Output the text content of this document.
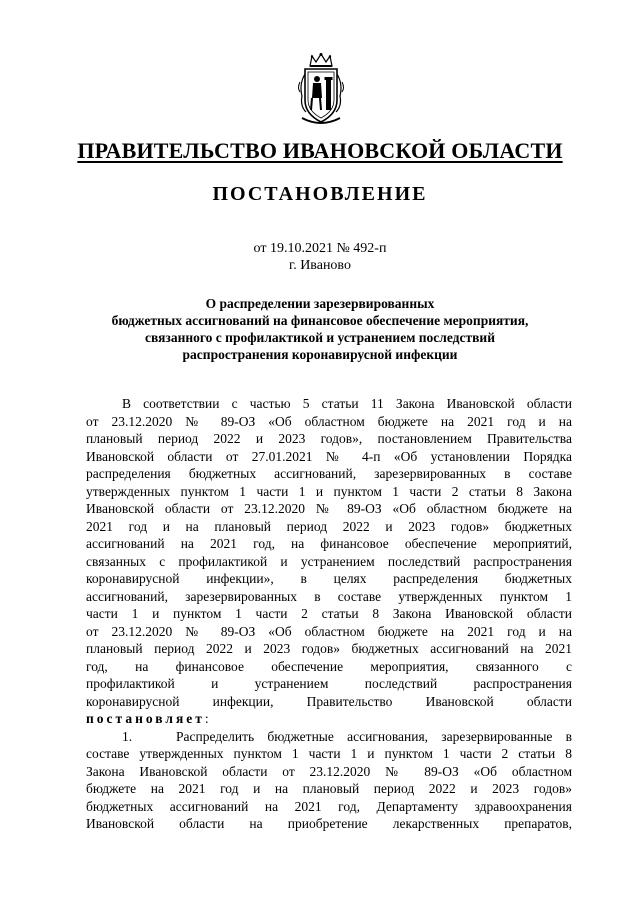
ПРАВИТЕЛЬСТВО ИВАНОВСКОЙ ОБЛАСТИ
ПОСТАНОВЛЕНИЕ
от 19.10.2021 № 492-п
г. Иваново
О распределении зарезервированных
бюджетных ассигнований на финансовое обеспечение мероприятия,
связанного с профилактикой и устранением последствий
распространения коронавирусной инфекции
В соответствии с частью 5 статьи 11 Закона Ивановской области
от 23.12.2020 № 89-ОЗ «Об областном бюджете на 2021 год и на
плановый период 2022 и 2023 годов», постановлением Правительства
Ивановской области от 27.01.2021 № 4-п «Об установлении Порядка
распределения бюджетных ассигнований, зарезервированных в составе
утвержденных пунктом 1 части 1 и пунктом 1 части 2 статьи 8 Закона
Ивановской области от 23.12.2020 № 89-ОЗ «Об областном бюджете на
2021 год и на плановый период 2022 и 2023 годов» бюджетных
ассигнований на 2021 год, на финансовое обеспечение мероприятий,
связанных с профилактикой и устранением последствий распространения
коронавирусной инфекции», в целях распределения бюджетных
ассигнований, зарезервированных в составе утвержденных пунктом 1
части 1 и пунктом 1 части 2 статьи 8 Закона Ивановской области
от 23.12.2020 № 89-ОЗ «Об областном бюджете на 2021 год и на
плановый период 2022 и 2023 годов» бюджетных ассигнований на 2021
год, на финансовое обеспечение мероприятия, связанного с
профилактикой и устранением последствий распространения
коронавирусной инфекции, Правительство Ивановской области
постановляет:
1.	Распределить бюджетные ассигнования, зарезервированные в
составе утвержденных пунктом 1 части 1 и пунктом 1 части 2 статьи 8
Закона Ивановской области от 23.12.2020 № 89-ОЗ «Об областном
бюджете на 2021 год и на плановый период 2022 и 2023 годов»
бюджетных ассигнований на 2021 год, Департаменту здравоохранения
Ивановской области на приобретение лекарственных препаратов,
